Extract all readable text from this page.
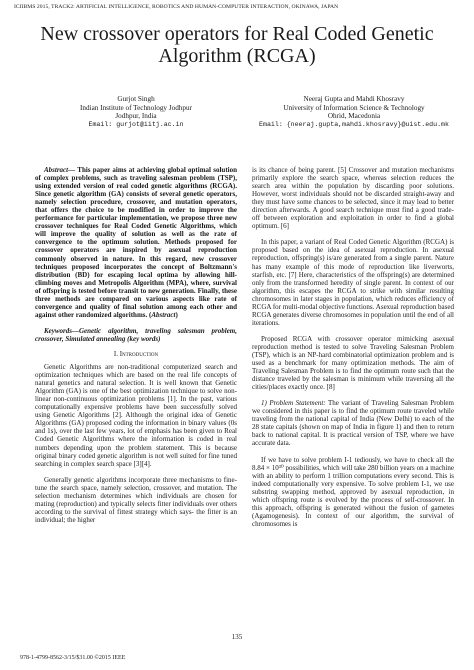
ICIIBMS 2015, TRACK2: ARTIFICIAL INTELLIGENCE, ROBOTICS AND HUMAN-COMPUTER INTERACTION, OKINAWA, JAPAN
New crossover operators for Real Coded Genetic
Algorithm (RCGA)
Gurjot Singh
Indian Institute of Technology Jodhpur
Jodhpur, India
Email: gurjot@iitj.ac.in
Neeraj Gupta and Mahdi Khosravy
University of Information Science & Technology
Ohrid, Macedonia
Email: {neeraj.gupta,mahdi.khosravy}@uist.edu.mk

Abstract— This paper aims at achieving global optimal solution of complex problems, such as traveling salesman problem (TSP), using extended version of real coded genetic algorithms (RCGA). Since genetic algorithm (GA) consists of several genetic operators, namely selection procedure, crossover, and mutation operators, that offers the choice to be modified in order to improve the performance for particular implementation, we propose three new crossover techniques for Real Coded Genetic Algorithms, which will improve the quality of solution as well as the rate of convergence to the optimum solution. Methods proposed for crossover operators are inspired by asexual reproduction commonly observed in nature. In this regard, new crossover techniques proposed incorporates the concept of Boltzmann's distribution (BD) for escaping local optima by allowing hill-climbing moves and Metropolis Algorithm (MPA), where, survival of offspring is tested before transit to new generation. Finally, these three methods are compared on various aspects like rate of convergence and quality of final solution among each other and against other randomized algorithms. (Abstract)

Keywords—Genetic algorithm, traveling salesman problem, crossover, Simulated annealing (key words)

I. Introduction

Genetic Algorithms are non-traditional computerized search and optimization techniques which are based on the real life concepts of natural genetics and natural selection. It is well known that Genetic Algorithm (GA) is one of the best optimization technique to solve non-linear non-continuous optimization problems [1]. In the past, various computationally expensive problems have been successfully solved using Genetic Algorithms [2]. Although the original idea of Genetic Algorithms (GA) proposed coding the information in binary values (0s and 1s), over the last few years, lot of emphasis has been given to Real Coded Genetic Algorithms where the information is coded in real numbers depending upon the problem statement. This is because original binary coded genetic algorithm is not well suited for fine tuned searching in complex search space [3][4].

Generally genetic algorithms incorporate three mechanisms to fine-tune the search space, namely selection, crossover, and mutation. The selection mechanism determines which individuals are chosen for mating (reproduction) and typically selects fitter individuals over others according to the survival of fittest strategy which says- the fitter is an individual; the higher

is its chance of being parent. [5] Crossover and mutation mechanisms primarily explore the search space, whereas selection reduces the search area within the population by discarding poor solutions. However, worst individuals should not be discarded straight-away and they must have some chances to be selected, since it may lead to better direction afterwards. A good search technique must find a good trade-off between exploration and exploitation in order to find a global optimum. [6]

In this paper, a variant of Real Coded Genetic Algorithm (RCGA) is proposed based on the idea of asexual reproduction. In asexual reproduction, offspring(s) is/are generated from a single parent. Nature has many example of this mode of reproduction like liverworts, starfish, etc. [7] Here, characteristics of the offspring(s) are determined only from the transformed heredity of single parent. In context of our algorithm, this escapes the RCGA to strike with similar resulting chromosomes in later stages in population, which reduces efficiency of RCGA for multi-modal objective functions. Asexual reproduction based RCGA generates diverse chromosomes in population until the end of all iterations.

Proposed RCGA with crossover operator mimicking asexual reproduction method is tested to solve Traveling Salesman Problem (TSP), which is an NP-hard combinatorial optimization problem and is used as a benchmark for many optimization methods. The aim of Traveling Salesman Problem is to find the optimum route such that the distance traveled by the salesman is minimum while traversing all the cities/places exactly once. [8]

1) Problem Statement: The variant of Traveling Salesman Problem we considered in this paper is to find the optimum route traveled while traveling from the national capital of India (New Delhi) to each of the 28 state capitals (shown on map of India in figure 1) and then to return back to national capital. It is practical version of TSP, where we have accurate data.

If we have to solve problem I-1 tediously, we have to check all the 8.84 × 10³⁰ possibilities, which will take 280 billion years on a machine with an ability to perform 1 trillion computations every second. This is indeed computationally very expensive. To solve problem I-1, we use substring swapping method, approved by asexual reproduction, in which offspring route is evolved by the process of self-crossover. In this approach, offspring is generated without the fusion of gametes (Agamogenesis). In context of our algorithm, the survival of chromosomes is

135
978-1-4799-8562-3/15/$31.00 ©2015 IEEE
